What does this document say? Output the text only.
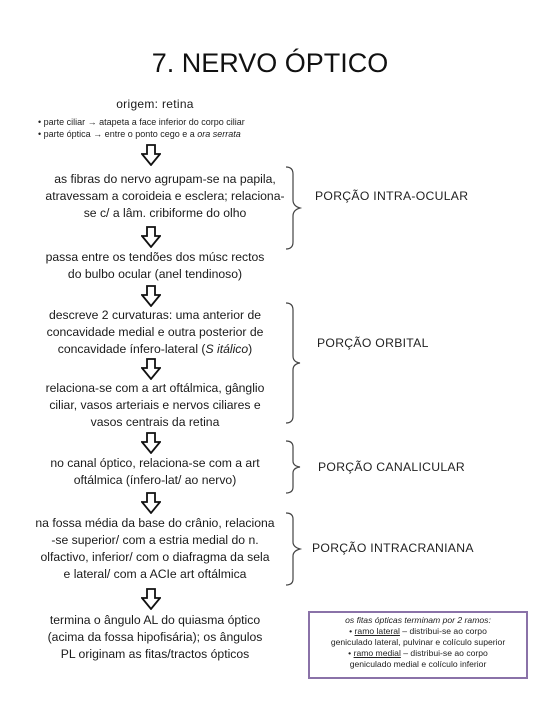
7. NERVO ÓPTICO
origem: retina
• parte ciliar → atapeta a face inferior do corpo ciliar
• parte óptica → entre o ponto cego e a ora serrata
as fibras do nervo agrupam-se na papila,
atravessam a coroideia e esclera; relaciona-
se c/ a lâm. cribiforme do olho
passa entre os tendões dos músc rectos
do bulbo ocular (anel tendinoso)
descreve 2 curvaturas: uma anterior de
concavidade medial e outra posterior de
concavidade ínfero-lateral (S itálico)
relaciona-se com a art oftálmica, gânglio
ciliar, vasos arteriais e nervos ciliares e
vasos centrais da retina
no canal óptico, relaciona-se com a art
oftálmica (ínfero-lat/ ao nervo)
na fossa média da base do crânio, relaciona
-se superior/ com a estria medial do n.
olfactivo, inferior/ com o diafragma da sela
e lateral/ com a ACIe art oftálmica
termina o ângulo AL do quiasma óptico
(acima da fossa hipofisária); os ângulos
PL originam as fitas/tractos ópticos
PORÇÃO INTRA-OCULAR
PORÇÃO ORBITAL
PORÇÃO CANALICULAR
PORÇÃO INTRACRANIANA
os fitas ópticas terminam por 2 ramos:
• ramo lateral – distribui-se ao corpo
geniculado lateral, pulvinar e colículo superior
• ramo medial – distribui-se ao corpo
geniculado medial e colículo inferior
